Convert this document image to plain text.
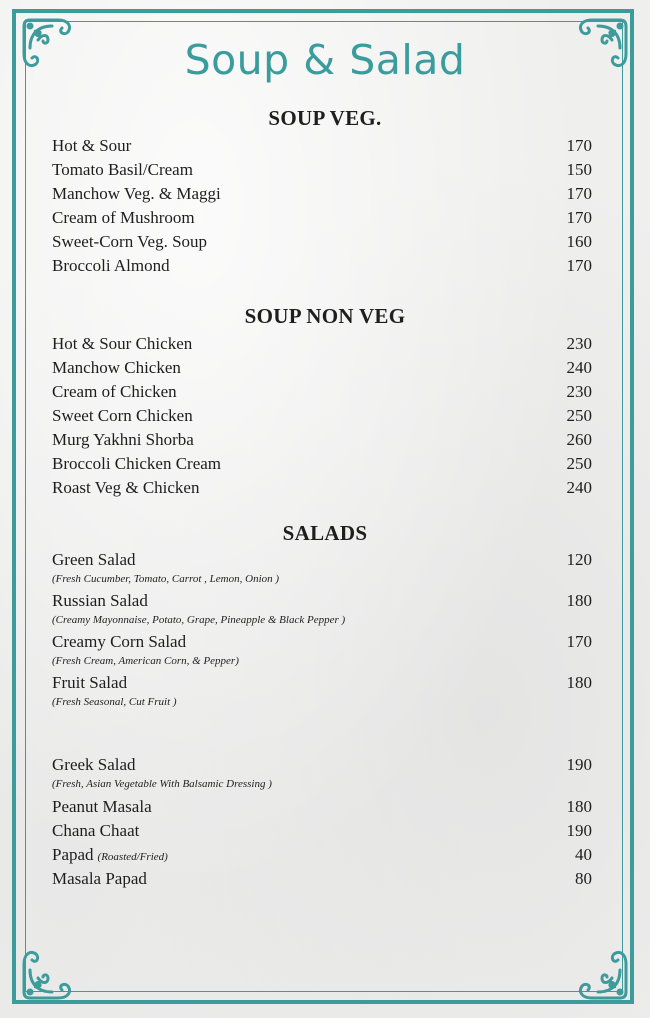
Soup & Salad
SOUP VEG.
Hot & Sour	170
Tomato Basil/Cream	150
Manchow Veg. & Maggi	170
Cream of Mushroom	170
Sweet-Corn Veg. Soup	160
Broccoli Almond	170
SOUP NON VEG
Hot & Sour Chicken	230
Manchow Chicken	240
Cream of Chicken	230
Sweet Corn Chicken	250
Murg Yakhni Shorba	260
Broccoli Chicken Cream	250
Roast Veg & Chicken	240
SALADS
Green Salad	120
(Fresh Cucumber, Tomato, Carrot , Lemon, Onion )
Russian Salad	180
(Creamy Mayonnaise, Potato, Grape, Pineapple & Black Pepper )
Creamy Corn Salad	170
(Fresh Cream, American Corn, & Pepper)
Fruit Salad	180
(Fresh Seasonal, Cut Fruit )
Greek Salad	190
(Fresh, Asian Vegetable With Balsamic Dressing )
Peanut Masala	180
Chana Chaat	190
Papad (Roasted/Fried)	40
Masala Papad	80
